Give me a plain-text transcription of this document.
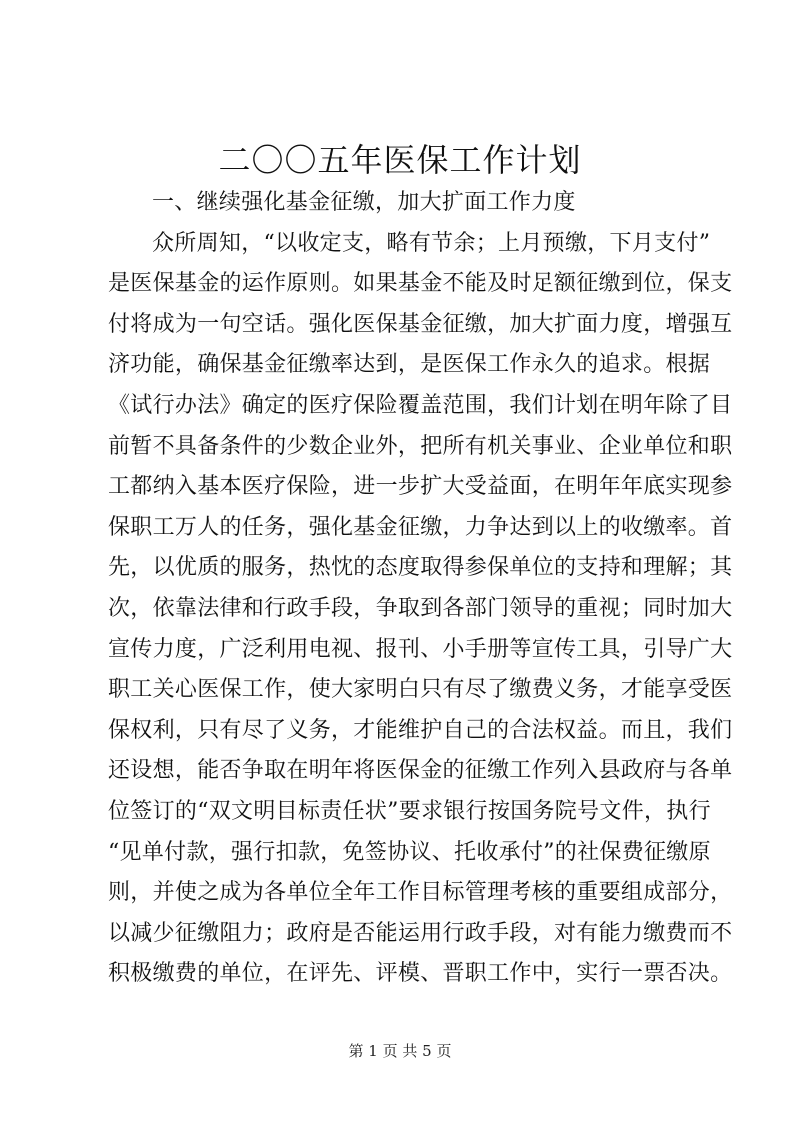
二〇〇五年医保工作计划
一、继续强化基金征缴，加大扩面工作力度
众所周知，“以收定支，略有节余；上月预缴，下月支付”
是医保基金的运作原则。如果基金不能及时足额征缴到位，保支
付将成为一句空话。强化医保基金征缴，加大扩面力度，增强互
济功能，确保基金征缴率达到，是医保工作永久的追求。根据
《试行办法》确定的医疗保险覆盖范围，我们计划在明年除了目
前暂不具备条件的少数企业外，把所有机关事业、企业单位和职
工都纳入基本医疗保险，进一步扩大受益面，在明年年底实现参
保职工万人的任务，强化基金征缴，力争达到以上的收缴率。首
先，以优质的服务，热忱的态度取得参保单位的支持和理解；其
次，依靠法律和行政手段，争取到各部门领导的重视；同时加大
宣传力度，广泛利用电视、报刊、小手册等宣传工具，引导广大
职工关心医保工作，使大家明白只有尽了缴费义务，才能享受医
保权利，只有尽了义务，才能维护自己的合法权益。而且，我们
还设想，能否争取在明年将医保金的征缴工作列入县政府与各单
位签订的“双文明目标责任状”要求银行按国务院号文件，执行
“见单付款，强行扣款，免签协议、托收承付”的社保费征缴原
则，并使之成为各单位全年工作目标管理考核的重要组成部分，
以减少征缴阻力；政府是否能运用行政手段，对有能力缴费而不
积极缴费的单位，在评先、评模、晋职工作中，实行一票否决。
第 1 页 共 5 页
